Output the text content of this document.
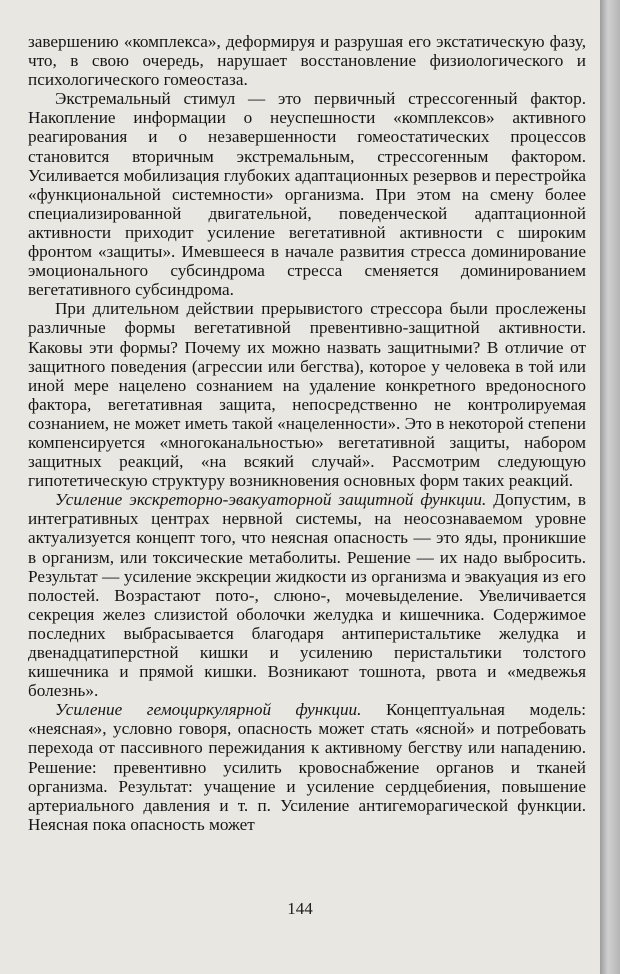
завершению «комплекса», деформируя и разрушая его экстатическую фазу, что, в свою очередь, нарушает восстановление физиологического и психологического гомеостаза.

Экстремальный стимул — это первичный стрессогенный фактор. Накопление информации о неуспешности «комплексов» активного реагирования и о незавершенности гомеостатических процессов становится вторичным экстремальным, стрессогенным фактором. Усиливается мобилизация глубоких адаптационных резервов и перестройка «функциональной системности» организма. При этом на смену более специализированной двигательной, поведенческой адаптационной активности приходит усиление вегетативной активности с широким фронтом «защиты». Имевшееся в начале развития стресса доминирование эмоционального субсиндрома стресса сменяется доминированием вегетативного субсиндрома.

При длительном действии прерывистого стрессора были прослежены различные формы вегетативной превентивно-защитной активности. Каковы эти формы? Почему их можно назвать защитными? В отличие от защитного поведения (агрессии или бегства), которое у человека в той или иной мере нацелено сознанием на удаление конкретного вредоносного фактора, вегетативная защита, непосредственно не контролируемая сознанием, не может иметь такой «нацеленности». Это в некоторой степени компенсируется «многоканальностью» вегетативной защиты, набором защитных реакций, «на всякий случай». Рассмотрим следующую гипотетическую структуру возникновения основных форм таких реакций.

Усиление экскреторно-эвакуаторной защитной функции. Допустим, в интегративных центрах нервной системы, на неосознаваемом уровне актуализуется концепт того, что неясная опасность — это яды, проникшие в организм, или токсические метаболиты. Решение — их надо выбросить. Результат — усиление экскреции жидкости из организма и эвакуация из его полостей. Возрастают пото-, слюно-, мочевыделение. Увеличивается секреция желез слизистой оболочки желудка и кишечника. Содержимое последних выбрасывается благодаря антиперистальтике желудка и двенадцатиперстной кишки и усилению перистальтики толстого кишечника и прямой кишки. Возникают тошнота, рвота и «медвежья болезнь».

Усиление гемоциркулярной функции. Концептуальная модель: «неясная», условно говоря, опасность может стать «ясной» и потребовать перехода от пассивного пережидания к активному бегству или нападению. Решение: превентивно усилить кровоснабжение органов и тканей организма. Результат: учащение и усиление сердцебиения, повышение артериального давления и т. п. Усиление антигеморагической функции. Неясная пока опасность может

144
